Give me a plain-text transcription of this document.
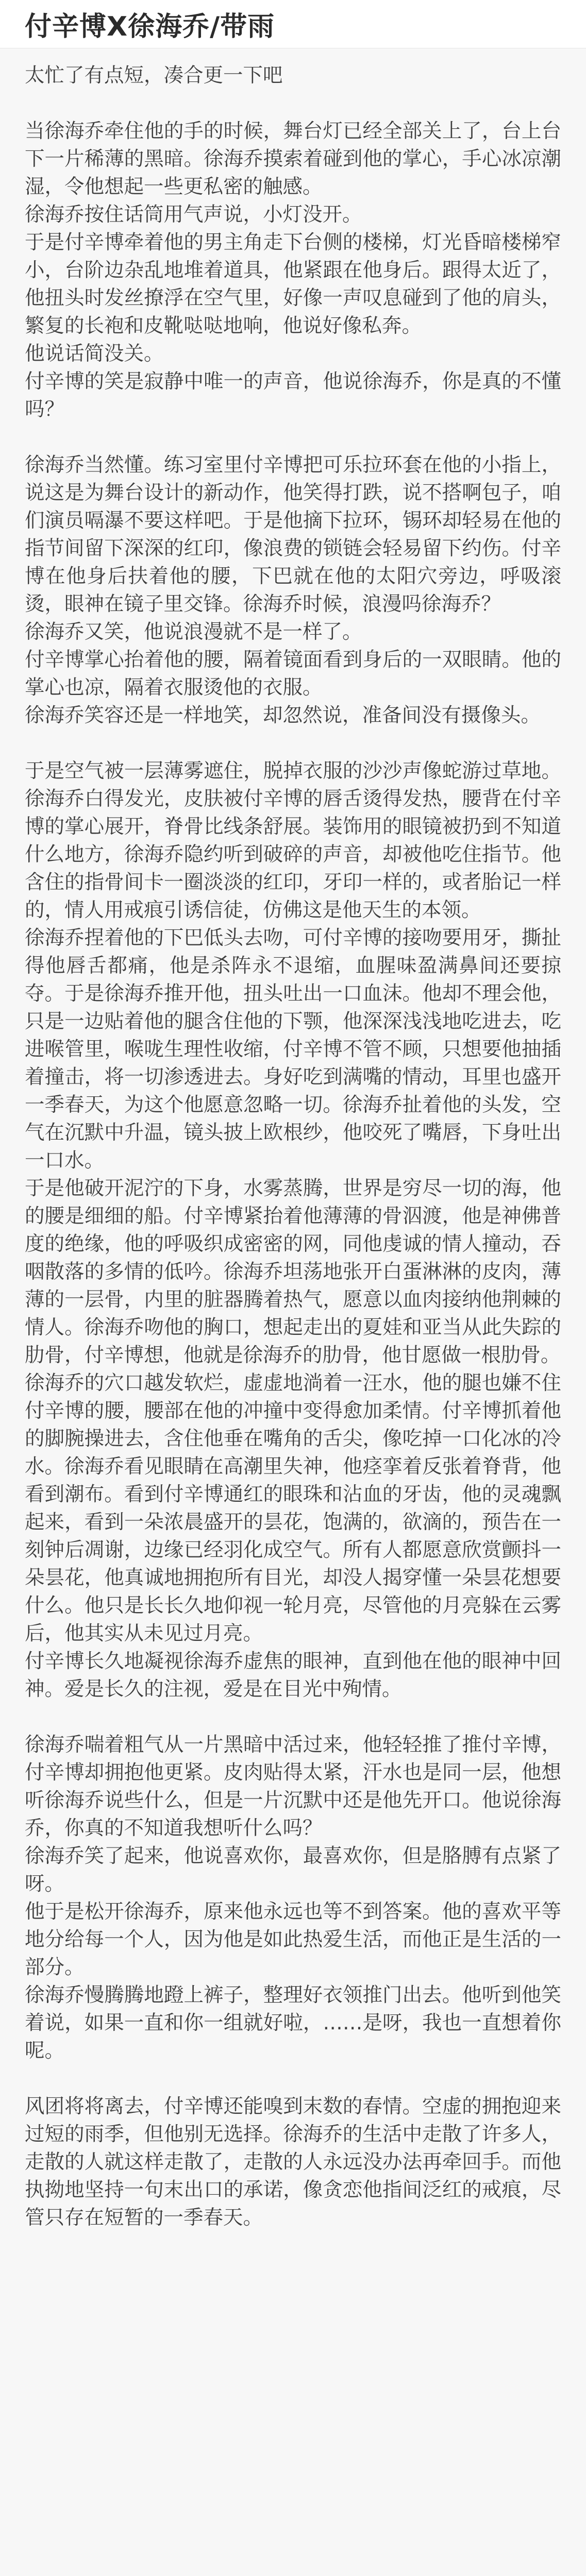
付辛博X徐海乔/带雨

太忙了有点短，凑合更一下吧

当徐海乔牵住他的手的时候，舞台灯已经全部关上了，台上台下一片稀薄的黑暗。徐海乔摸索着碰到他的掌心，手心冰凉潮湿，令他想起一些更私密的触感。

徐海乔按住话筒用气声说，小灯没开。

于是付辛博牵着他的男主角走下台侧的楼梯，灯光昏暗楼梯窄小，台阶边杂乱地堆着道具，他紧跟在他身后。跟得太近了，他扭头时发丝撩浮在空气里，好像一声叹息碰到了他的肩头，繁复的长袍和皮靴哒哒地响，他说好像私奔。

他说话简没关。

付辛博的笑是寂静中唯一的声音，他说徐海乔，你是真的不懂吗？

徐海乔当然懂。练习室里付辛博把可乐拉环套在他的小指上，说这是为舞台设计的新动作，他笑得打跌，说不搭啊包子，咱们演员嗝瀑不要这样吧。于是他摘下拉环，锡环却轻易在他的指节间留下深深的红印，像浪费的锁链会轻易留下约伤。付辛博在他身后扶着他的腰，下巴就在他的太阳穴旁边，呼吸滚烫，眼神在镜子里交锋。徐海乔时候，浪漫吗徐海乔？

徐海乔又笑，他说浪漫就不是一样了。

付辛博掌心抬着他的腰，隔着镜面看到身后的一双眼睛。他的掌心也凉，隔着衣服烫他的衣服。

徐海乔笑容还是一样地笑，却忽然说，准备间没有摄像头。

于是空气被一层薄雾遮住，脱掉衣服的沙沙声像蛇游过草地。徐海乔白得发光，皮肤被付辛博的唇舌烫得发热，腰背在付辛博的掌心展开，脊骨比线条舒展。装饰用的眼镜被扔到不知道什么地方，徐海乔隐约听到破碎的声音，却被他吃住指节。他含住的指骨间卡一圈淡淡的红印，牙印一样的，或者胎记一样的，情人用戒痕引诱信徒，仿佛这是他天生的本领。

徐海乔捏着他的下巴低头去吻，可付辛博的接吻要用牙，撕扯得他唇舌都痛，他是杀阵永不退缩，血腥味盈满鼻间还要掠夺。于是徐海乔推开他，扭头吐出一口血沫。他却不理会他，只是一边贴着他的腿含住他的下颚，他深深浅浅地吃进去，吃进喉管里，喉咙生理性收缩，付辛博不管不顾，只想要他抽插着撞击，将一切渗透进去。身好吃到满嘴的情动，耳里也盛开一季春天，为这个他愿意忽略一切。徐海乔扯着他的头发，空气在沉默中升温，镜头披上欧根纱，他咬死了嘴唇，下身吐出一口水。

于是他破开泥泞的下身，水雾蒸腾，世界是穷尽一切的海，他的腰是细细的船。付辛博紧抬着他薄薄的骨泅渡，他是神佛普度的绝缘，他的呼吸织成密密的网，同他虔诚的情人撞动，吞咽散落的多情的低吟。徐海乔坦荡地张开白蛋淋淋的皮肉，薄薄的一层骨，内里的脏器腾着热气，愿意以血肉接纳他荆棘的情人。徐海乔吻他的胸口，想起走出的夏娃和亚当从此失踪的肋骨，付辛博想，他就是徐海乔的肋骨，他甘愿做一根肋骨。

徐海乔的穴口越发软烂，虚虚地淌着一汪水，他的腿也嫌不住付辛博的腰，腰部在他的冲撞中变得愈加柔情。付辛博抓着他的脚腕操进去，含住他垂在嘴角的舌尖，像吃掉一口化冰的冷水。徐海乔看见眼睛在高潮里失神，他痉挛着反张着脊背，他看到潮布。看到付辛博通红的眼珠和沾血的牙齿，他的灵魂飘起来，看到一朵浓晨盛开的昙花，饱满的，欲滴的，预告在一刻钟后凋谢，边缘已经羽化成空气。所有人都愿意欣赏颤抖一朵昙花，他真诚地拥抱所有目光，却没人揭穿懂一朵昙花想要什么。他只是长长久地仰视一轮月亮，尽管他的月亮躲在云雾后，他其实从未见过月亮。

付辛博长久地凝视徐海乔虚焦的眼神，直到他在他的眼神中回神。爱是长久的注视，爱是在目光中殉情。

徐海乔喘着粗气从一片黑暗中活过来，他轻轻推了推付辛博，付辛博却拥抱他更紧。皮肉贴得太紧，汗水也是同一层，他想听徐海乔说些什么，但是一片沉默中还是他先开口。他说徐海乔，你真的不知道我想听什么吗？

徐海乔笑了起来，他说喜欢你，最喜欢你，但是胳膊有点紧了呀。

他于是松开徐海乔，原来他永远也等不到答案。他的喜欢平等地分给每一个人，因为他是如此热爱生活，而他正是生活的一部分。

徐海乔慢腾腾地蹬上裤子，整理好衣领推门出去。他听到他笑着说，如果一直和你一组就好啦，……是呀，我也一直想着你呢。

风团将将离去，付辛博还能嗅到末数的春情。空虚的拥抱迎来过短的雨季，但他别无选择。徐海乔的生活中走散了许多人，走散的人就这样走散了，走散的人永远没办法再牵回手。而他执拗地坚持一句末出口的承诺，像贪恋他指间泛红的戒痕，尽管只存在短暂的一季春天。
